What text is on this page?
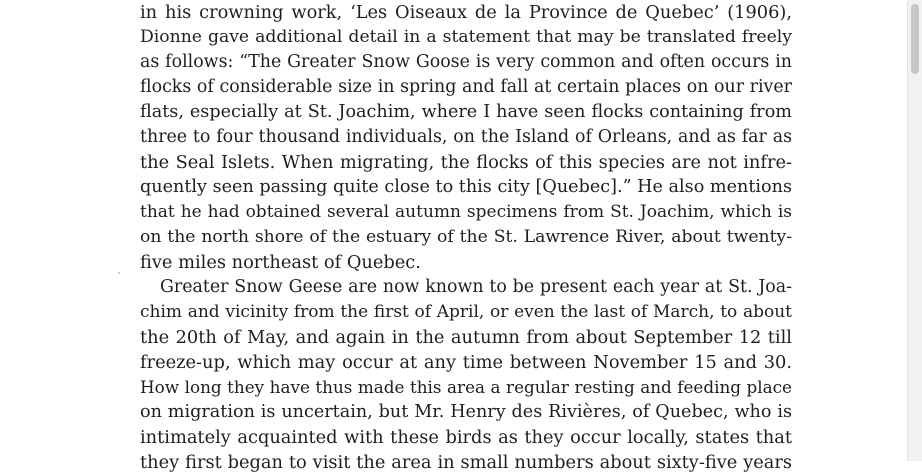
in his crowning work, ‘Les Oiseaux de la Province de Quebec’ (1906),
Dionne gave additional detail in a statement that may be translated freely
as follows: “The Greater Snow Goose is very common and often occurs in
flocks of considerable size in spring and fall at certain places on our river
flats, especially at St. Joachim, where I have seen flocks containing from
three to four thousand individuals, on the Island of Orleans, and as far as
the Seal Islets. When migrating, the flocks of this species are not infre-
quently seen passing quite close to this city [Quebec].” He also mentions
that he had obtained several autumn specimens from St. Joachim, which is
on the north shore of the estuary of the St. Lawrence River, about twenty-
five miles northeast of Quebec.
Greater Snow Geese are now known to be present each year at St. Joa-
chim and vicinity from the first of April, or even the last of March, to about
the 20th of May, and again in the autumn from about September 12 till
freeze-up, which may occur at any time between November 15 and 30.
How long they have thus made this area a regular resting and feeding place
on migration is uncertain, but Mr. Henry des Rivières, of Quebec, who is
intimately acquainted with these birds as they occur locally, states that
they first began to visit the area in small numbers about sixty-five years
